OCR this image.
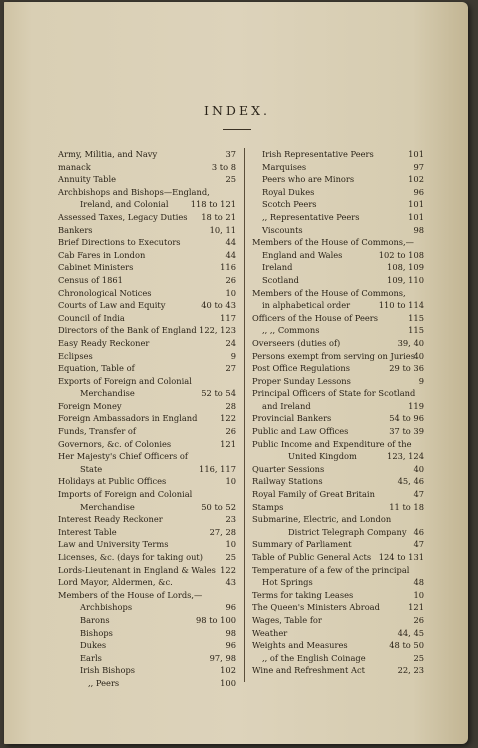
INDEX.
Army, Militia, and Navy	37
manack	3 to 8
Annuity Table	25
Archbishops and Bishops—England,
Ireland, and Colonial	118 to 121
Assessed Taxes, Legacy Duties 18 to 21
Bankers	10, 11
Brief Directions to Executors	44
Cab Fares in London	44
Cabinet Ministers	116
Census of 1861	26
Chronological Notices	10
Courts of Law and Equity	40 to 43
Council of India	117
Directors of the Bank of England 122, 123
Easy Ready Reckoner	24
Eclipses	9
Equation, Table of	27
Exports of Foreign and Colonial
Merchandise	52 to 54
Foreign Money	28
Foreign Ambassadors in England	122
Funds, Transfer of	26
Governors, &c. of Colonies	121
Her Majesty's Chief Officers of
State	116, 117
Holidays at Public Offices	10
Imports of Foreign and Colonial
Merchandise	50 to 52
Interest Ready Reckoner	23
Interest Table	27, 28
Law and University Terms	10
Licenses, &c. (days for taking out)	25
Lords-Lieutenant in England & Wales 122
Lord Mayor, Aldermen, &c.	43
Members of the House of Lords,—
Archbishops	96
Barons	98 to 100
Bishops	98
Dukes	96
Earls	97, 98
Irish Bishops	102
,, Peers	100
Irish Representative Peers	101
Marquises	97
Peers who are Minors	102
Royal Dukes	96
Scotch Peers	101
,, Representative Peers	101
Viscounts	98
Members of the House of Commons,—
England and Wales	102 to 108
Ireland	108, 109
Scotland	109, 110
Members of the House of Commons,
in alphabetical order	110 to 114
Officers of the House of Peers	115
,, ,, Commons	115
Overseers (duties of)	39, 40
Persons exempt from serving on Juries
40
Post Office Regulations	29 to 36
Proper Sunday Lessons	9
Principal Officers of State for Scotland
and Ireland	119
Provincial Bankers	54 to 96
Public and Law Offices	37 to 39
Public Income and Expenditure of the
United Kingdom	123, 124
Quarter Sessions	40
Railway Stations	45, 46
Royal Family of Great Britain	47
Stamps	11 to 18
Submarine, Electric, and London
District Telegraph Company 46
Summary of Parliament	47
Table of Public General Acts 124 to 131
Temperature of a few of the principal
Hot Springs	48
Terms for taking Leases	10
The Queen's Ministers Abroad	121
Wages, Table for	26
Weather	44, 45
Weights and Measures	48 to 50
,, of the English Coinage	25
Wine and Refreshment Act	22, 23
